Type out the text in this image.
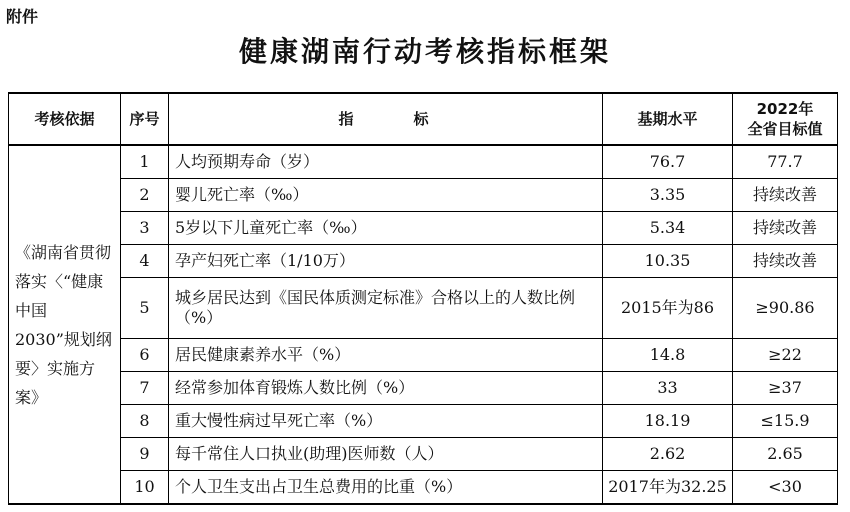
附件
健康湖南行动考核指标框架
考核依据	序号	指标	基期水平	2022年
全省目标值

《湖南省贯彻落实〈“健康中国 2030”规划纲要〉实施方案》	1	人均预期寿命（岁）	76.7	77.7
	2	婴儿死亡率（‰）	3.35	持续改善
	3	5岁以下儿童死亡率（‰）	5.34	持续改善
	4	孕产妇死亡率（1/10万）	10.35	持续改善
	5	城乡居民达到《国民体质测定标准》合格以上的人数比例（%）	2015年为86	≥90.86
	6	居民健康素养水平（%）	14.8	≥22
	7	经常参加体育锻炼人数比例（%）	33	≥37
	8	重大慢性病过早死亡率（%）	18.19	≤15.9
	9	每千常住人口执业(助理)医师数（人）	2.62	2.65
	10	个人卫生支出占卫生总费用的比重（%）	2017年为32.25	<30
